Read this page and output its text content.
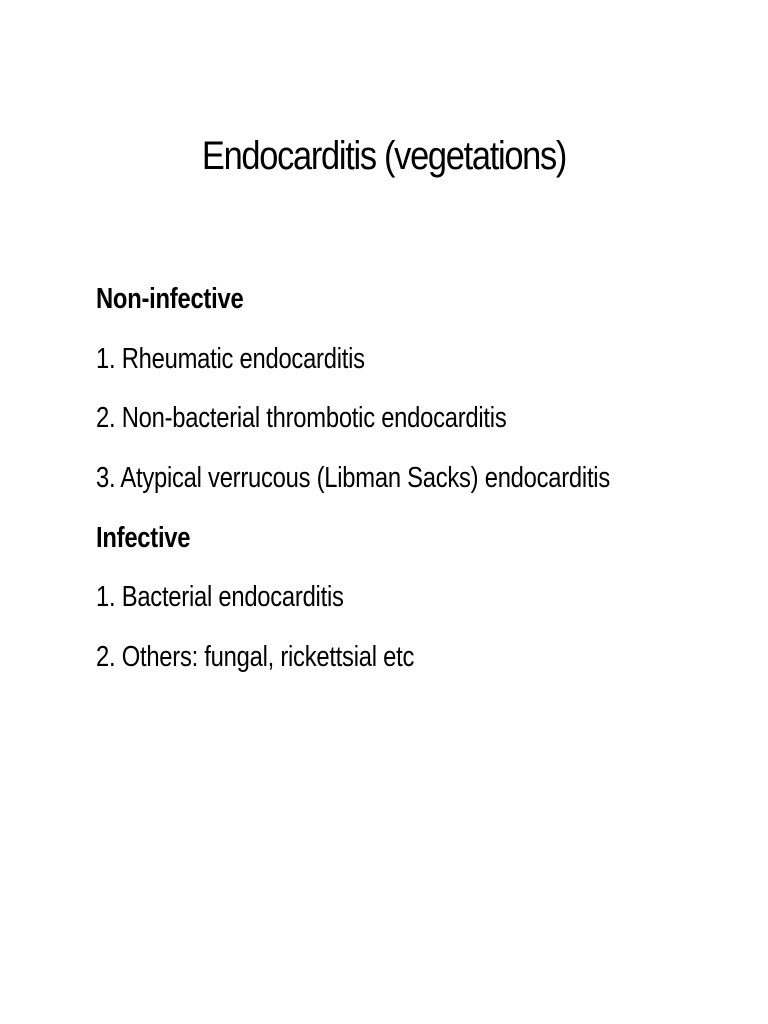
Endocarditis (vegetations)
Non-infective
1. Rheumatic endocarditis
2. Non-bacterial thrombotic endocarditis
3. Atypical verrucous (Libman Sacks) endocarditis
Infective
1. Bacterial endocarditis
2. Others: fungal, rickettsial etc
